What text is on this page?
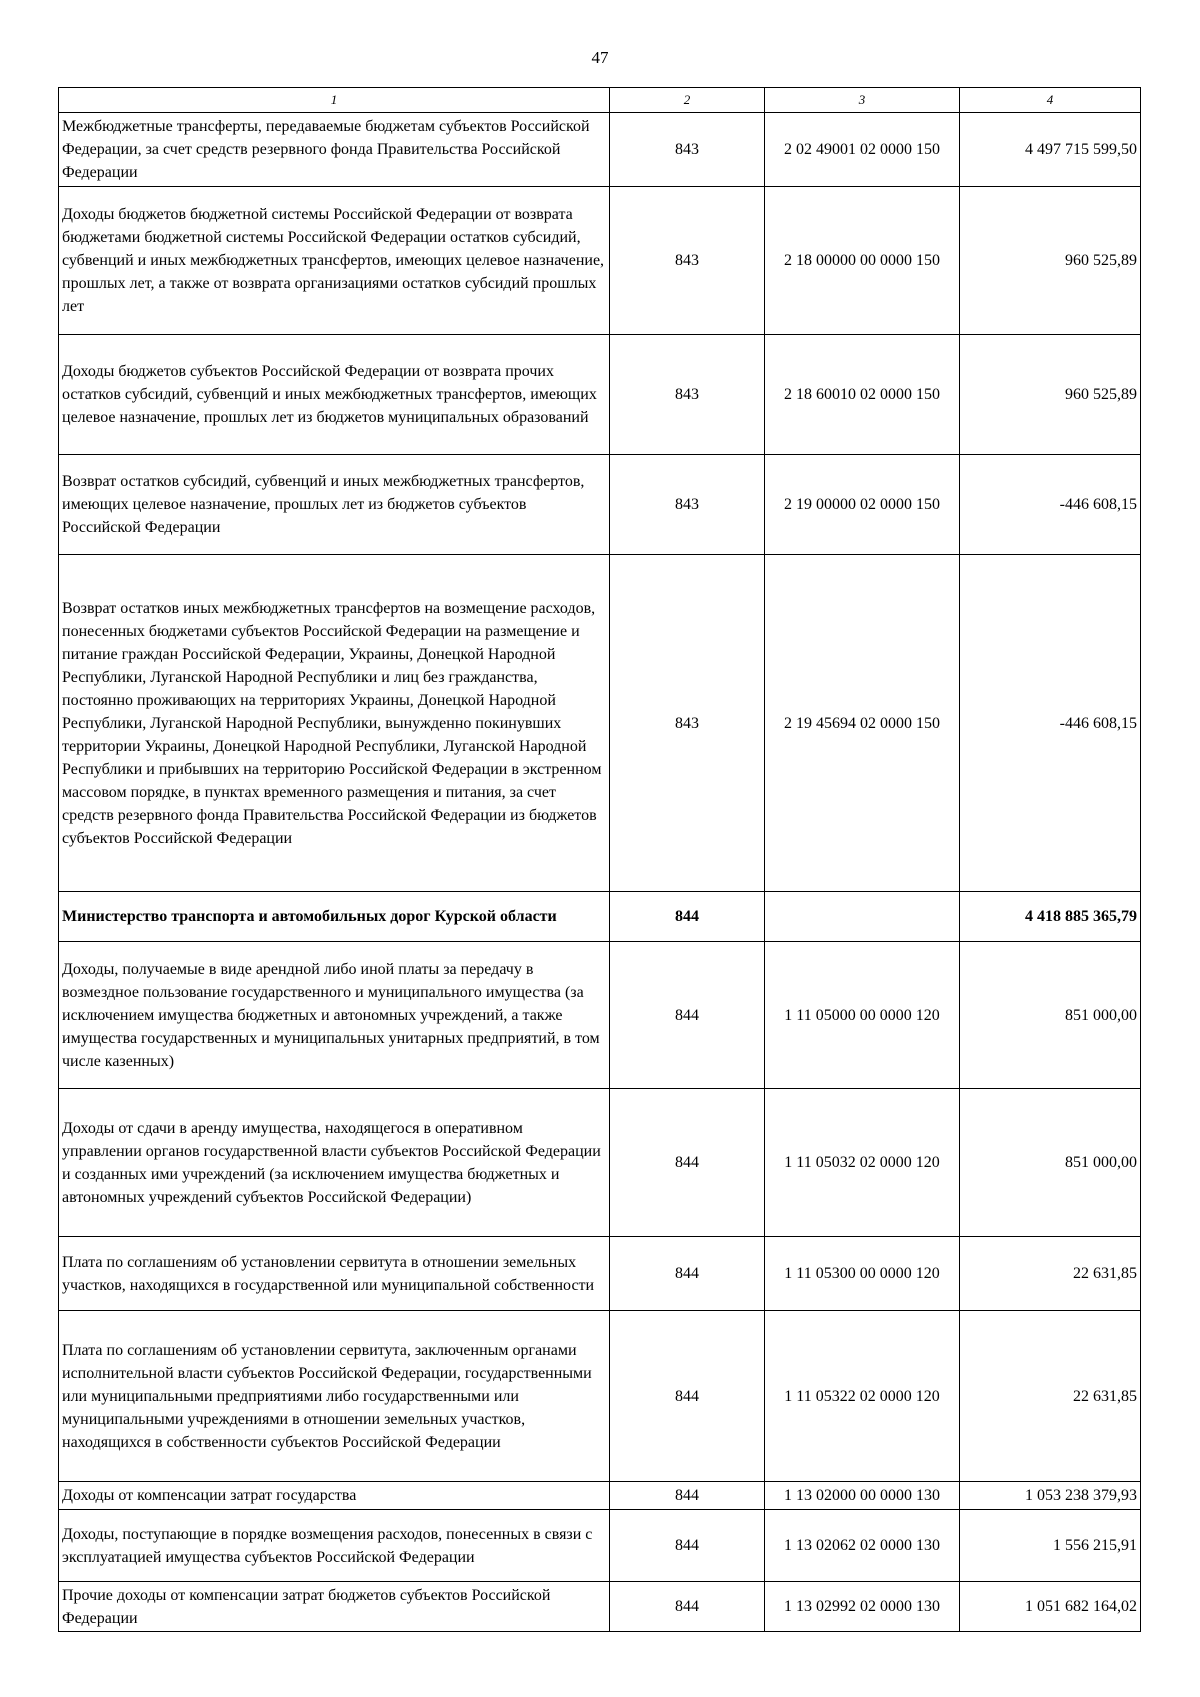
47
1	2	3	4
Межбюджетные трансферты, передаваемые бюджетам субъектов Российской Федерации, за счет средств резервного фонда Правительства Российской Федерации	843	2 02 49001 02 0000 150	4 497 715 599,50
Доходы бюджетов бюджетной системы Российской Федерации от возврата бюджетами бюджетной системы Российской Федерации остатков субсидий, субвенций и иных межбюджетных трансфертов, имеющих целевое назначение, прошлых лет, а также от возврата организациями остатков субсидий прошлых лет	843	2 18 00000 00 0000 150	960 525,89
Доходы бюджетов субъектов Российской Федерации от возврата прочих остатков субсидий, субвенций и иных межбюджетных трансфертов, имеющих целевое назначение, прошлых лет из бюджетов муниципальных образований	843	2 18 60010 02 0000 150	960 525,89
Возврат остатков субсидий, субвенций и иных межбюджетных трансфертов, имеющих целевое назначение, прошлых лет из бюджетов субъектов Российской Федерации	843	2 19 00000 02 0000 150	-446 608,15
Возврат остатков иных межбюджетных трансфертов на возмещение расходов, понесенных бюджетами субъектов Российской Федерации на размещение и питание граждан Российской Федерации, Украины, Донецкой Народной Республики, Луганской Народной Республики и лиц без гражданства, постоянно проживающих на территориях Украины, Донецкой Народной Республики, Луганской Народной Республики, вынужденно покинувших территории Украины, Донецкой Народной Республики, Луганской Народной Республики и прибывших на территорию Российской Федерации в экстренном массовом порядке, в пунктах временного размещения и питания, за счет средств резервного фонда Правительства Российской Федерации из бюджетов субъектов Российской Федерации	843	2 19 45694 02 0000 150	-446 608,15
Министерство транспорта и автомобильных дорог Курской области	844		4 418 885 365,79
Доходы, получаемые в виде арендной либо иной платы за передачу в возмездное пользование государственного и муниципального имущества (за исключением имущества бюджетных и автономных учреждений, а также имущества государственных и муниципальных унитарных предприятий, в том числе казенных)	844	1 11 05000 00 0000 120	851 000,00
Доходы от сдачи в аренду имущества, находящегося в оперативном управлении органов государственной власти субъектов Российской Федерации и созданных ими учреждений (за исключением имущества бюджетных и автономных учреждений субъектов Российской Федерации)	844	1 11 05032 02 0000 120	851 000,00
Плата по соглашениям об установлении сервитута в отношении земельных участков, находящихся в государственной или муниципальной собственности	844	1 11 05300 00 0000 120	22 631,85
Плата по соглашениям об установлении сервитута, заключенным органами исполнительной власти субъектов Российской Федерации, государственными или муниципальными предприятиями либо государственными или муниципальными учреждениями в отношении земельных участков, находящихся в собственности субъектов Российской Федерации	844	1 11 05322 02 0000 120	22 631,85
Доходы от компенсации затрат государства	844	1 13 02000 00 0000 130	1 053 238 379,93
Доходы, поступающие в порядке возмещения расходов, понесенных в связи с эксплуатацией имущества субъектов Российской Федерации	844	1 13 02062 02 0000 130	1 556 215,91
Прочие доходы от компенсации затрат бюджетов субъектов Российской Федерации	844	1 13 02992 02 0000 130	1 051 682 164,02
